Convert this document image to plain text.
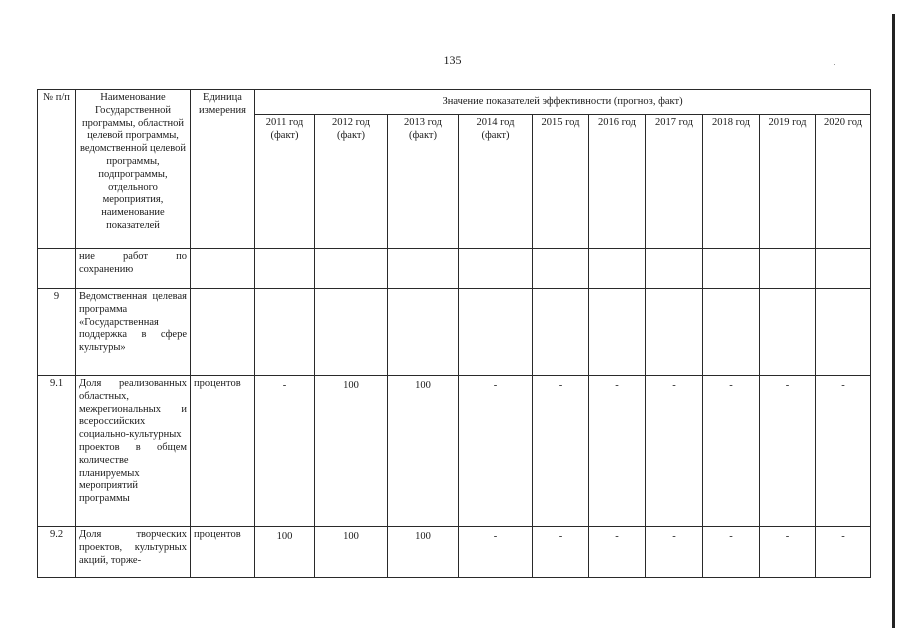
135
№ п/п	Наименование Государственной программы, областной целевой программы, ведомственной целевой программы, подпрограммы, отдельного мероприятия, наименование показателей	Единица измерения	Значение показателей эффективности (прогноз, факт)									
			2011 год (факт)	2012 год (факт)	2013 год (факт)	2014 год (факт)	2015 год	2016 год	2017 год	2018 год	2019 год	2020 год
	ние работ по сохранению											
9	Ведомственная целевая программа «Государственная поддержка в сфере культуры»											
9.1	Доля реализованных областных, межрегиональных и всероссийских социально-культурных проектов в общем количестве планируемых мероприятий программы	процентов	-	100	100	-	-	-	-	-	-	-
9.2	Доля творческих проектов, культурных акций, торже-	процентов	100	100	100	-	-	-	-	-	-	-
